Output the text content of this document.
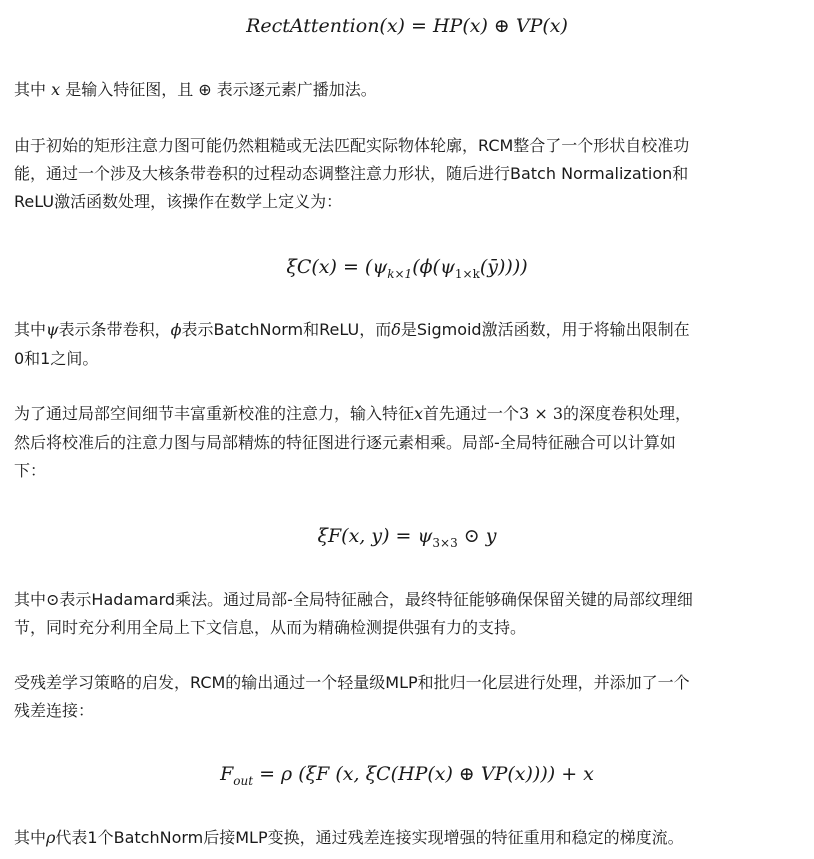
RectAttention(x) = HP(x) ⊕ VP(x)
其中 x 是输入特征图，且 ⊕ 表示逐元素广播加法。
由于初始的矩形注意力图可能仍然粗糙或无法匹配实际物体轮廓，RCM整合了一个形状自校准功
能，通过一个涉及大核条带卷积的过程动态调整注意力形状，随后进行Batch Normalization和
ReLU激活函数处理，该操作在数学上定义为：
$\xi C(x) = (\psi_{k\times 1}(\phi(\psi_{1\times k}(ȳ))))$
其中ψ表示条带卷积，ϕ表示BatchNorm和ReLU，而δ是Sigmoid激活函数，用于将输出限制在
0和1之间。
为了通过局部空间细节丰富重新校准的注意力，输入特征x首先通过一个3 × 3的深度卷积处理，
然后将校准后的注意力图与局部精炼的特征图进行逐元素相乘。局部-全局特征融合可以计算如
下：
ξF(x, $y) = \psi_{3\times 3}$ ⊙ y
其中⊙表示Hadamard乘法。通过局部-全局特征融合，最终特征能够确保保留关键的局部纹理细
节，同时充分利用全局上下文信息，从而为精确检测提供强有力的支持。
受残差学习策略的启发，RCM的输出通过一个轻量级MLP和批归一化层进行处理，并添加了一个
残差连接：
$F_{out} = \rho$ (ξF (x, ξC(HP(x) ⊕ VP(x)))) + x
其中ρ代表1个BatchNorm后接MLP变换，通过残差连接实现增强的特征重用和稳定的梯度流。
